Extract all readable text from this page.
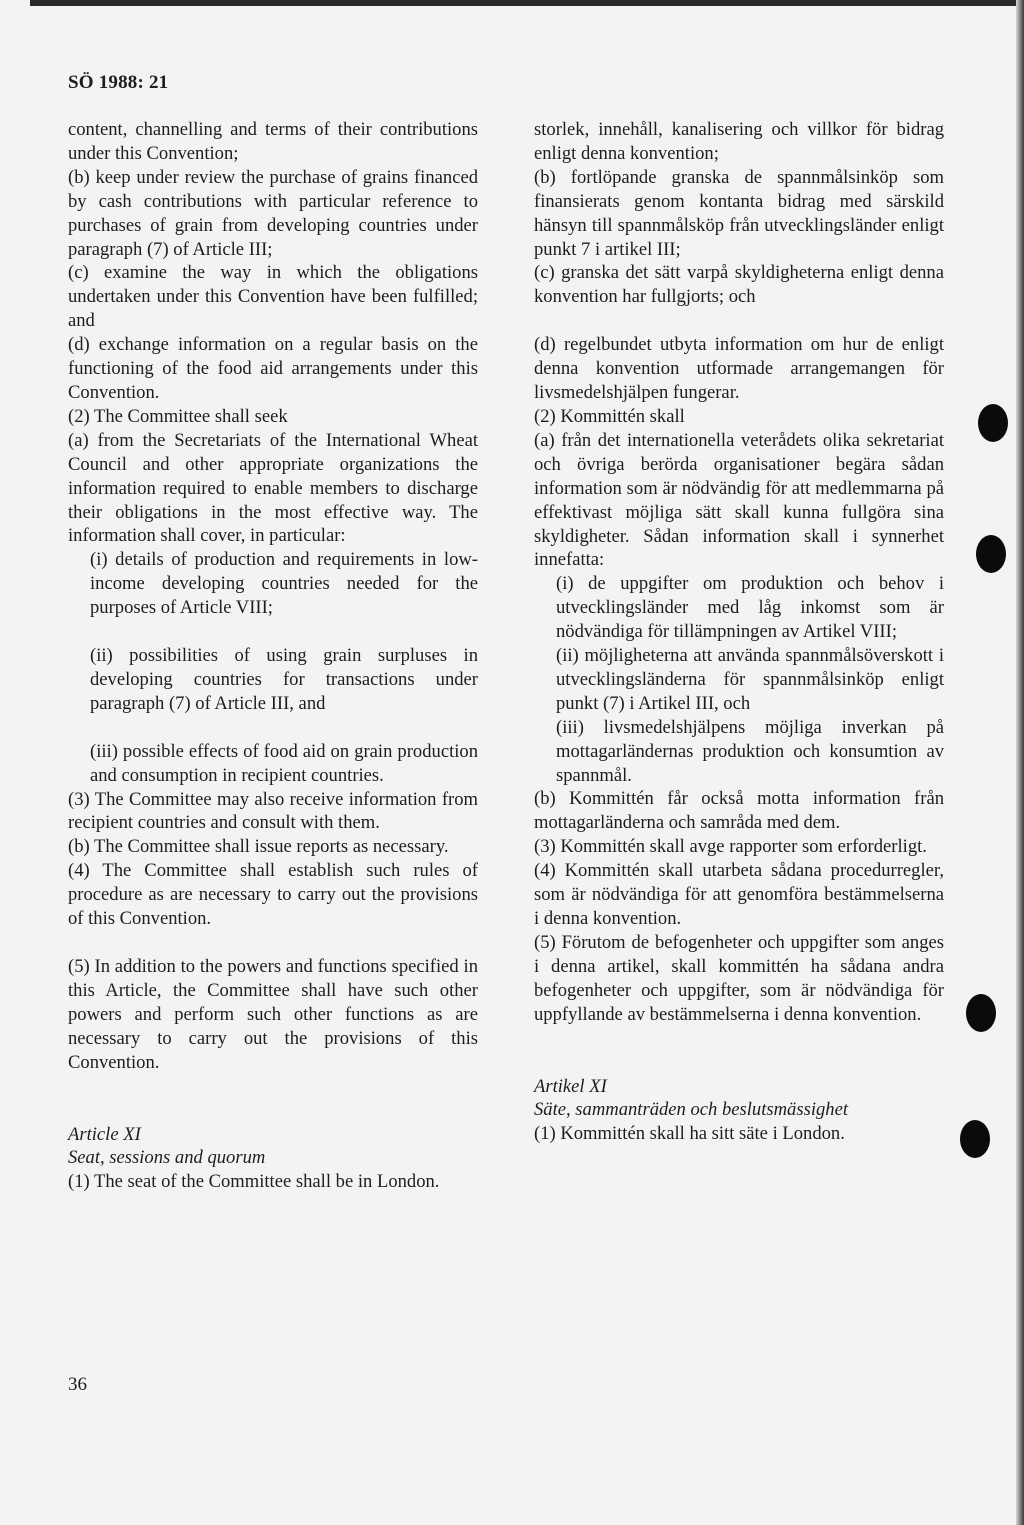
SÖ 1988: 21

content, channelling and terms of their contributions under this Convention;

(b) keep under review the purchase of grains financed by cash contributions with particular reference to purchases of grain from developing countries under paragraph (7) of Article III;

(c) examine the way in which the obligations undertaken under this Convention have been fulfilled; and

(d) exchange information on a regular basis on the functioning of the food aid arrangements under this Convention.

(2) The Committee shall seek

(a) from the Secretariats of the International Wheat Council and other appropriate organizations the information required to enable members to discharge their obligations in the most effective way. The information shall cover, in particular:

(i) details of production and requirements in low-income developing countries needed for the purposes of Article VIII;

(ii) possibilities of using grain surpluses in developing countries for transactions under paragraph (7) of Article III, and

(iii) possible effects of food aid on grain production and consumption in recipient countries.

(3) The Committee may also receive information from recipient countries and consult with them.

(b) The Committee shall issue reports as necessary.

(4) The Committee shall establish such rules of procedure as are necessary to carry out the provisions of this Convention.

(5) In addition to the powers and functions specified in this Article, the Committee shall have such other powers and perform such other functions as are necessary to carry out the provisions of this Convention.

Article XI

Seat, sessions and quorum

(1) The seat of the Committee shall be in London.

storlek, innehåll, kanalisering och villkor för bidrag enligt denna konvention;

(b) fortlöpande granska de spannmålsinköp som finansierats genom kontanta bidrag med särskild hänsyn till spannmålsköp från utvecklingsländer enligt punkt 7 i artikel III;

(c) granska det sätt varpå skyldigheterna enligt denna konvention har fullgjorts; och

(d) regelbundet utbyta information om hur de enligt denna konvention utformade arrangemangen för livsmedelshjälpen fungerar.

(2) Kommittén skall

(a) från det internationella veterådets olika sekretariat och övriga berörda organisationer begära sådan information som är nödvändig för att medlemmarna på effektivast möjliga sätt skall kunna fullgöra sina skyldigheter. Sådan information skall i synnerhet innefatta:

(i) de uppgifter om produktion och behov i utvecklingsländer med låg inkomst som är nödvändiga för tillämpningen av Artikel VIII;

(ii) möjligheterna att använda spannmålsöverskott i utvecklingsländerna för spannmålsinköp enligt punkt (7) i Artikel III, och

(iii) livsmedelshjälpens möjliga inverkan på mottagarländernas produktion och konsumtion av spannmål.

(b) Kommittén får också motta information från mottagarländerna och samråda med dem.

(3) Kommittén skall avge rapporter som erforderligt.

(4) Kommittén skall utarbeta sådana procedurregler, som är nödvändiga för att genomföra bestämmelserna i denna konvention.

(5) Förutom de befogenheter och uppgifter som anges i denna artikel, skall kommittén ha sådana andra befogenheter och uppgifter, som är nödvändiga för uppfyllande av bestämmelserna i denna konvention.

Artikel XI

Säte, sammanträden och beslutsmässighet

(1) Kommittén skall ha sitt säte i London.

36
